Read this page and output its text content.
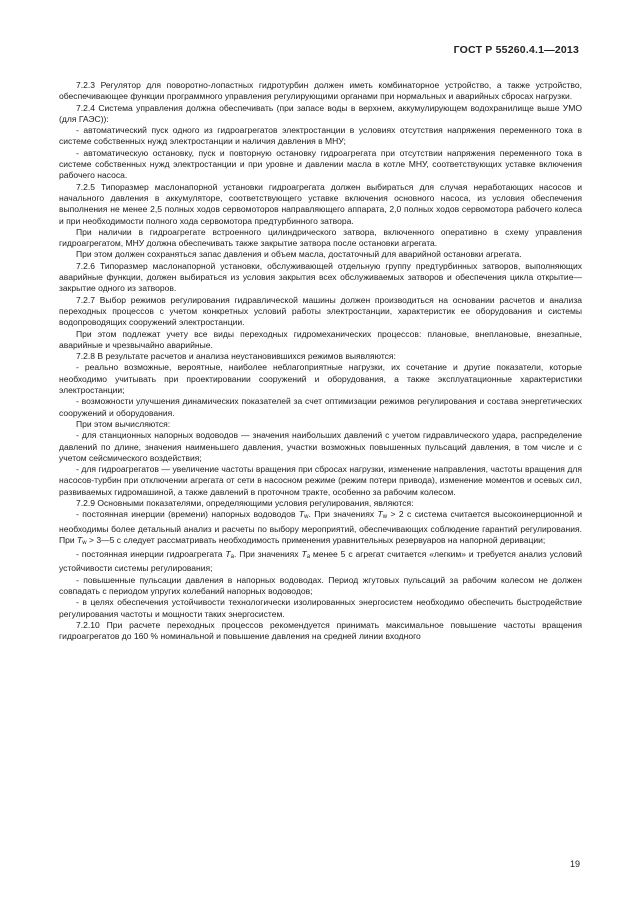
ГОСТ Р 55260.4.1—2013

7.2.3 Регулятор для поворотно-лопастных гидротурбин должен иметь комбинаторное устройство, а также устройство, обеспечивающее функции программного управления регулирующими органами при нормальных и аварийных сбросах нагрузки.

7.2.4 Система управления должна обеспечивать (при запасе воды в верхнем, аккумулирующем водохранилище выше УМО (для ГАЭС)):

- автоматический пуск одного из гидроагрегатов электростанции в условиях отсутствия напряжения переменного тока в системе собственных нужд электростанции и наличия давления в МНУ;

- автоматическую остановку, пуск и повторную остановку гидроагрегата при отсутствии напряжения переменного тока в системе собственных нужд электростанции и при уровне и давлении масла в котле МНУ, соответствующих уставке включения рабочего насоса.

7.2.5 Типоразмер маслонапорной установки гидроагрегата должен выбираться для случая неработающих насосов и начального давления в аккумуляторе, соответствующего уставке включения основного насоса, из условия обеспечения выполнения не менее 2,5 полных ходов сервомоторов направляющего аппарата, 2,0 полных ходов сервомотора рабочего колеса и при необходимости полного хода сервомотора предтурбинного затвора.

При наличии в гидроагрегате встроенного цилиндрического затвора, включенного оперативно в схему управления гидроагрегатом, МНУ должна обеспечивать также закрытие затвора после остановки агрегата.

При этом должен сохраняться запас давления и объем масла, достаточный для аварийной остановки агрегата.

7.2.6 Типоразмер маслонапорной установки, обслуживающей отдельную группу предтурбинных затворов, выполняющих аварийные функции, должен выбираться из условия закрытия всех обслуживаемых затворов и обеспечения цикла открытие—закрытие одного из затворов.

7.2.7 Выбор режимов регулирования гидравлической машины должен производиться на основании расчетов и анализа переходных процессов с учетом конкретных условий работы электростанции, характеристик ее оборудования и системы водопроводящих сооружений электростанции.

При этом подлежат учету все виды переходных гидромеханических процессов: плановые, внеплановые, внезапные, аварийные и чрезвычайно аварийные.

7.2.8 В результате расчетов и анализа неустановившихся режимов выявляются:

- реально возможные, вероятные, наиболее неблагоприятные нагрузки, их сочетание и другие показатели, которые необходимо учитывать при проектировании сооружений и оборудования, а также эксплуатационные характеристики электростанции;

- возможности улучшения динамических показателей за счет оптимизации режимов регулирования и состава энергетических сооружений и оборудования.

При этом вычисляются:

- для станционных напорных водоводов — значения наибольших давлений с учетом гидравлического удара, распределение давлений по длине, значения наименьшего давления, участки возможных повышенных пульсаций давления, в том числе и с учетом сейсмического воздействия;

- для гидроагрегатов — увеличение частоты вращения при сбросах нагрузки, изменение направления, частоты вращения для насосов-турбин при отключении агрегата от сети в насосном режиме (режим потери привода), изменение моментов и осевых сил, развиваемых гидромашиной, а также давлений в проточном тракте, особенно за рабочим колесом.

7.2.9 Основными показателями, определяющими условия регулирования, являются:

- постоянная инерции (времени) напорных водоводов Tw. При значениях Tw > 2 с система считается высокоинерционной и необходимы более детальный анализ и расчеты по выбору мероприятий, обеспечивающих соблюдение гарантий регулирования. При Tw > 3—5 с следует рассматривать необходимость применения уравнительных резервуаров на напорной деривации;

- постоянная инерции гидроагрегата Ta. При значениях Ta менее 5 с агрегат считается «легким» и требуется анализ условий устойчивости системы регулирования;

- повышенные пульсации давления в напорных водоводах. Период жгутовых пульсаций за рабочим колесом не должен совпадать с периодом упругих колебаний напорных водоводов;

- в целях обеспечения устойчивости технологически изолированных энергосистем необходимо обеспечить быстродействие регулирования частоты и мощности таких энергосистем.

7.2.10 При расчете переходных процессов рекомендуется принимать максимальное повышение частоты вращения гидроагрегатов до 160 % номинальной и повышение давления на средней линии входного

19
